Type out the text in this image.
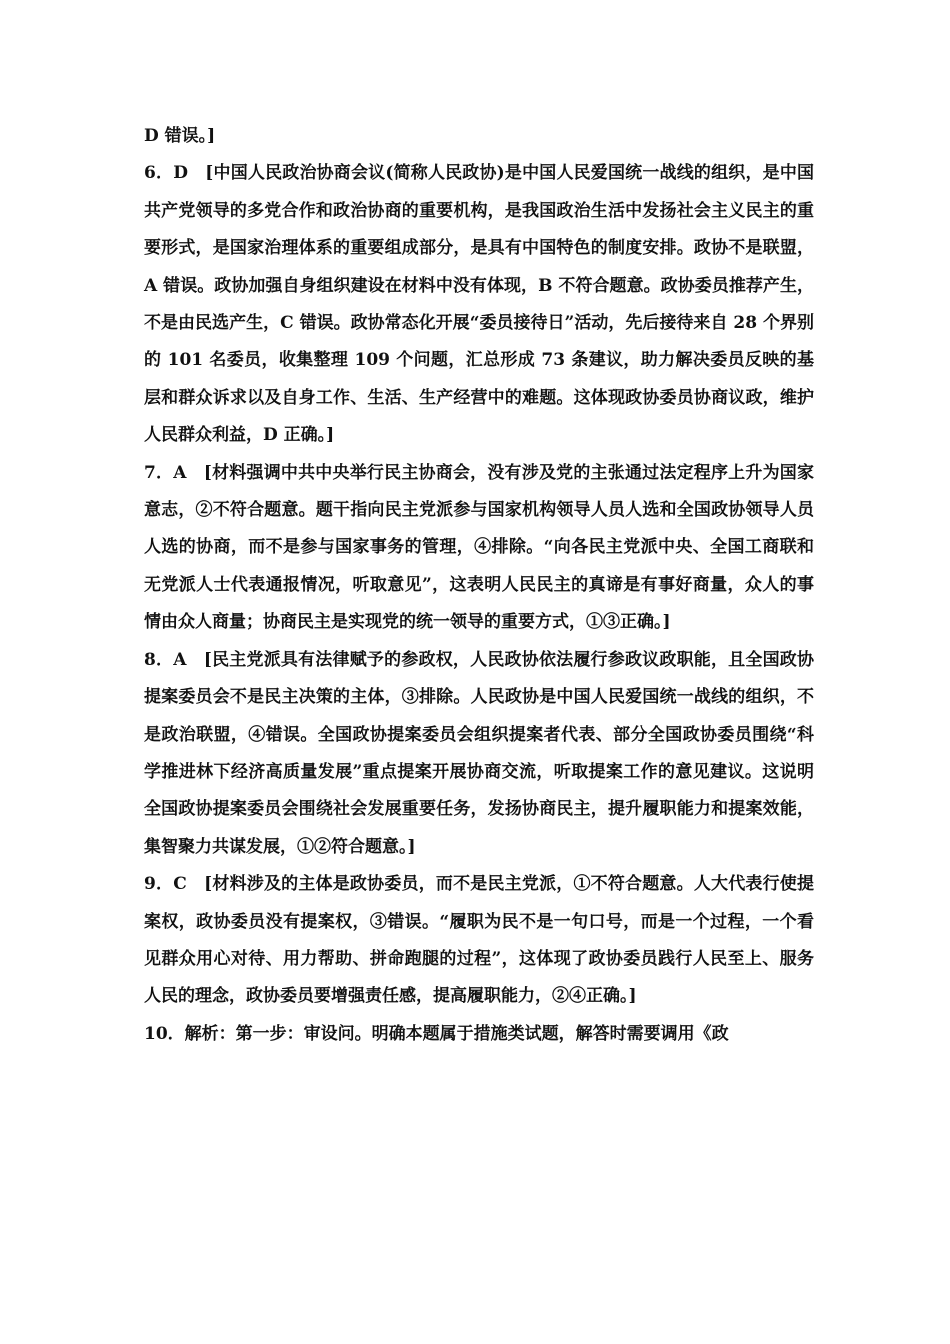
D 错误。]

6．D　[中国人民政治协商会议(简称人民政协)是中国人民爱国统一战线的组织，是中国共产党领导的多党合作和政治协商的重要机构，是我国政治生活中发扬社会主义民主的重要形式，是国家治理体系的重要组成部分，是具有中国特色的制度安排。政协不是联盟，A 错误。政协加强自身组织建设在材料中没有体现，B 不符合题意。政协委员推荐产生，不是由民选产生，C 错误。政协常态化开展“委员接待日”活动，先后接待来自 28 个界别的 101 名委员，收集整理 109 个问题，汇总形成 73 条建议，助力解决委员反映的基层和群众诉求以及自身工作、生活、生产经营中的难题。这体现政协委员协商议政，维护人民群众利益，D 正确。]

7．A　[材料强调中共中央举行民主协商会，没有涉及党的主张通过法定程序上升为国家意志，②不符合题意。题干指向民主党派参与国家机构领导人员人选和全国政协领导人员人选的协商，而不是参与国家事务的管理，④排除。“向各民主党派中央、全国工商联和无党派人士代表通报情况，听取意见”，这表明人民民主的真谛是有事好商量，众人的事情由众人商量；协商民主是实现党的统一领导的重要方式，①③正确。]

8．A　[民主党派具有法律赋予的参政权，人民政协依法履行参政议政职能，且全国政协提案委员会不是民主决策的主体，③排除。人民政协是中国人民爱国统一战线的组织，不是政治联盟，④错误。全国政协提案委员会组织提案者代表、部分全国政协委员围绕“科学推进林下经济高质量发展”重点提案开展协商交流，听取提案工作的意见建议。这说明全国政协提案委员会围绕社会发展重要任务，发扬协商民主，提升履职能力和提案效能，集智聚力共谋发展，①②符合题意。]

9．C　[材料涉及的主体是政协委员，而不是民主党派，①不符合题意。人大代表行使提案权，政协委员没有提案权，③错误。“履职为民不是一句口号，而是一个过程，一个看见群众用心对待、用力帮助、拼命跑腿的过程”，这体现了政协委员践行人民至上、服务人民的理念，政协委员要增强责任感，提高履职能力，②④正确。]

10．解析：第一步：审设问。明确本题属于措施类试题，解答时需要调用《政
